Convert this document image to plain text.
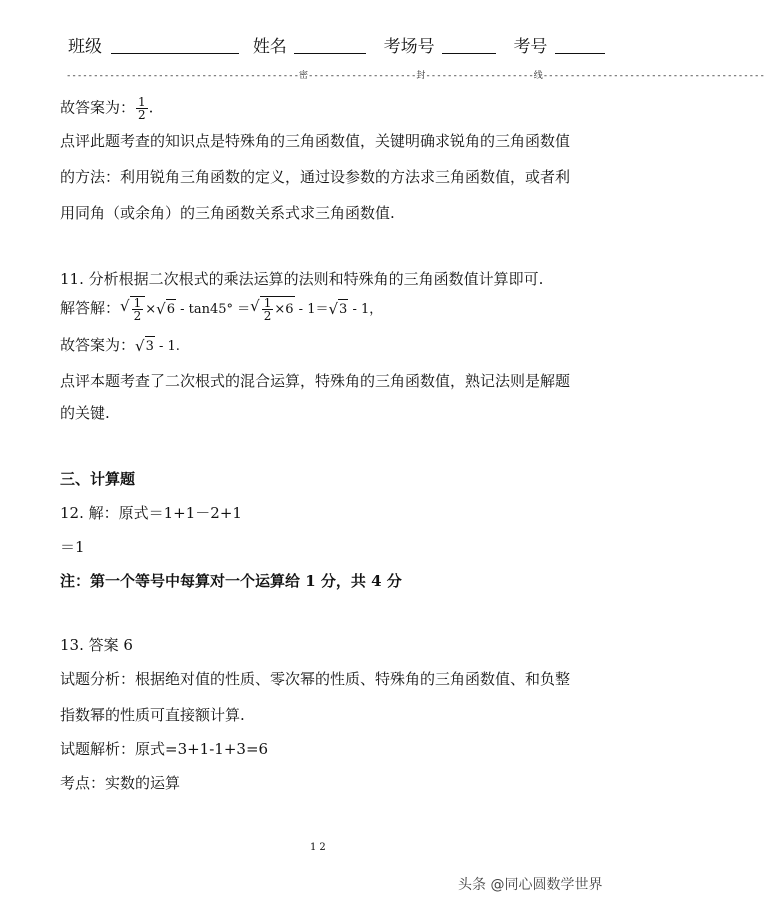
班级	姓名	考场号	考号
-------------------------------------------密--------------------封--------------------线-----------------------------------------
故答案为： $\frac{1}{2}$ .
点评此题考查的知识点是特殊角的三角函数值，关键明确求锐角的三角函数值
的方法：利用锐角三角函数的定义，通过设参数的方法求三角函数值，或者利
用同角（或余角）的三角函数关系式求三角函数值.
11. 分析根据二次根式的乘法运算的法则和特殊角的三角函数值计算即可.
解答解： √ $\frac{1}{2}$ × √ 6 - tan45° ＝ √ $\frac{1}{2} \times 6 - 1=$ √ 3 - 1，
故答案为： √ 3 - 1.
点评本题考查了二次根式的混合运算，特殊角的三角函数值，熟记法则是解题
的关键.
三、计算题
12. 解：原式＝1+1－2+1
＝1
注：第一个等号中每算对一个运算给 1 分，共 4 分
13. 答案 6
试题分析：根据绝对值的性质、零次幂的性质、特殊角的三角函数值、和负整
指数幂的性质可直接额计算.
试题解析：原式=3+1-1+3=6
考点：实数的运算
12
头条 @同心圆数学世界
